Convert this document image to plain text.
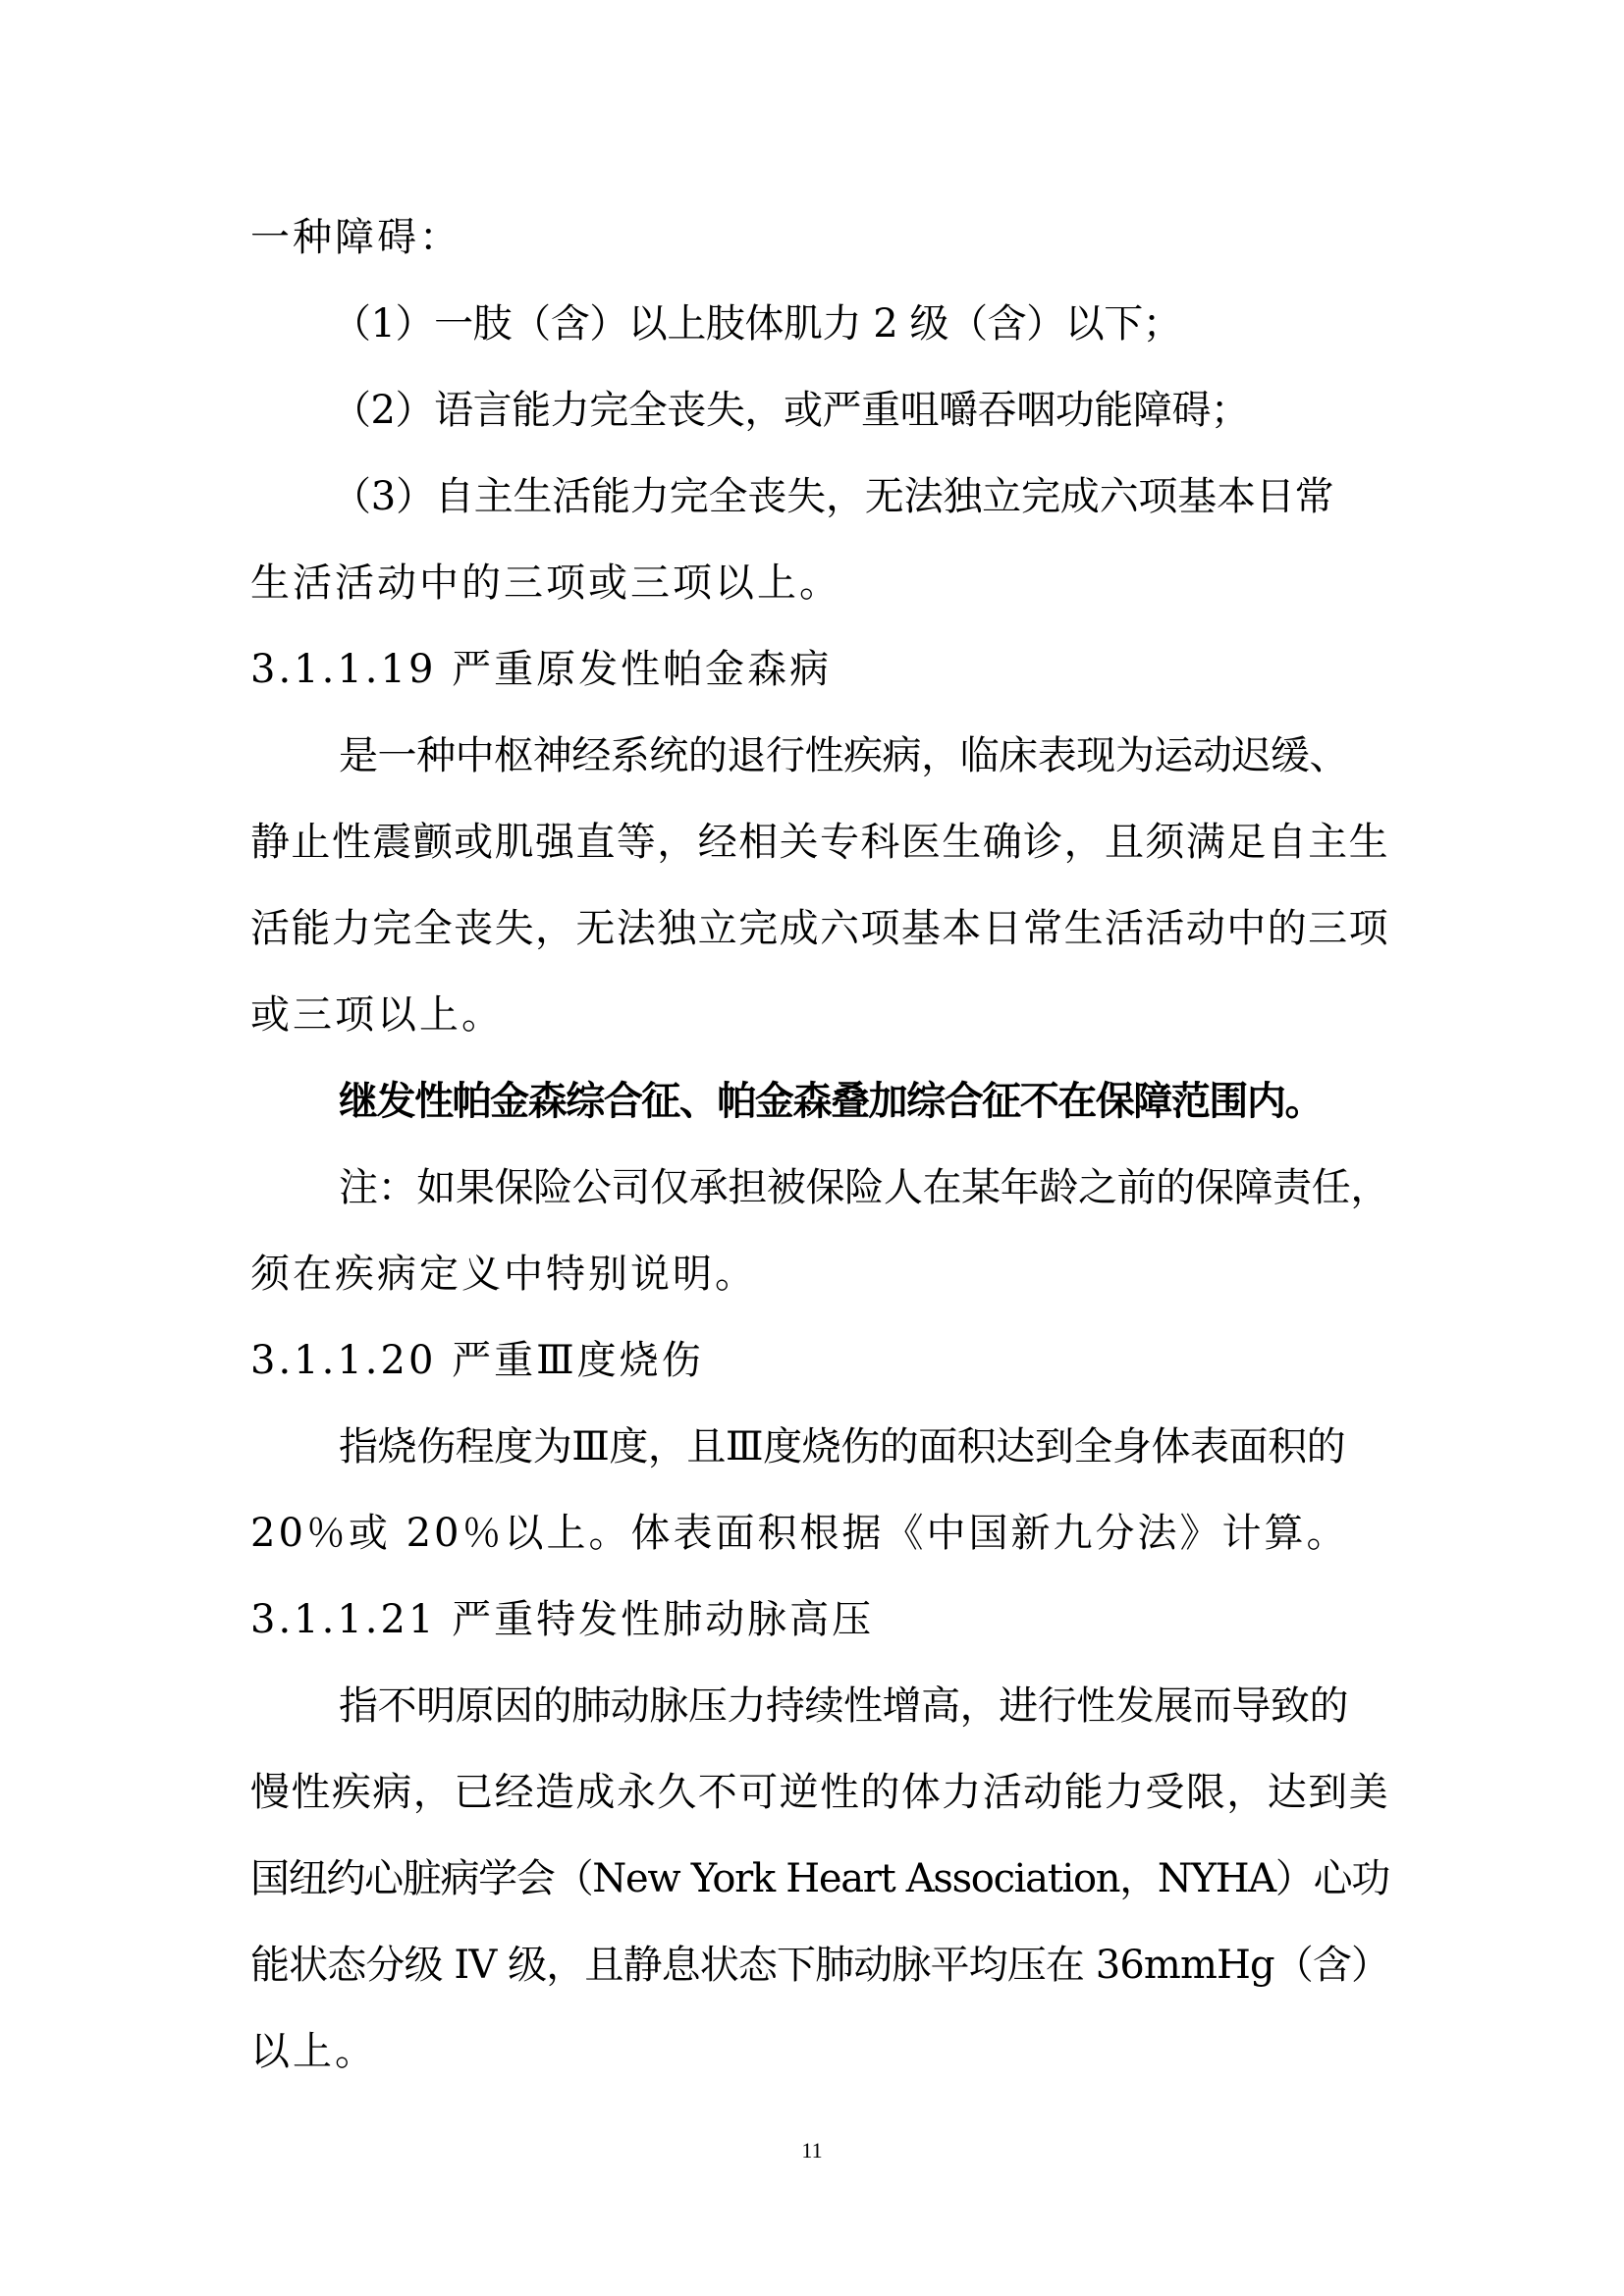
一种障碍：
（1）一肢（含）以上肢体肌力 2 级（含）以下；
（2）语言能力完全丧失，或严重咀嚼吞咽功能障碍；
（3）自主生活能力完全丧失，无法独立完成六项基本日常
生活活动中的三项或三项以上。
3.1.1.19 严重原发性帕金森病
是一种中枢神经系统的退行性疾病，临床表现为运动迟缓、
静止性震颤或肌强直等，经相关专科医生确诊，且须满足自主生
活能力完全丧失，无法独立完成六项基本日常生活活动中的三项
或三项以上。
继发性帕金森综合征、帕金森叠加综合征不在保障范围内。
注：如果保险公司仅承担被保险人在某年龄之前的保障责任，
须在疾病定义中特别说明。
3.1.1.20 严重Ⅲ度烧伤
指烧伤程度为Ⅲ度，且Ⅲ度烧伤的面积达到全身体表面积的
20％或 20％以上。体表面积根据《中国新九分法》计算。
3.1.1.21 严重特发性肺动脉高压
指不明原因的肺动脉压力持续性增高，进行性发展而导致的
慢性疾病，已经造成永久不可逆性的体力活动能力受限，达到美
国纽约心脏病学会（New York Heart Association，NYHA）心功
能状态分级 IV 级，且静息状态下肺动脉平均压在 36mmHg（含）
以上。
11
